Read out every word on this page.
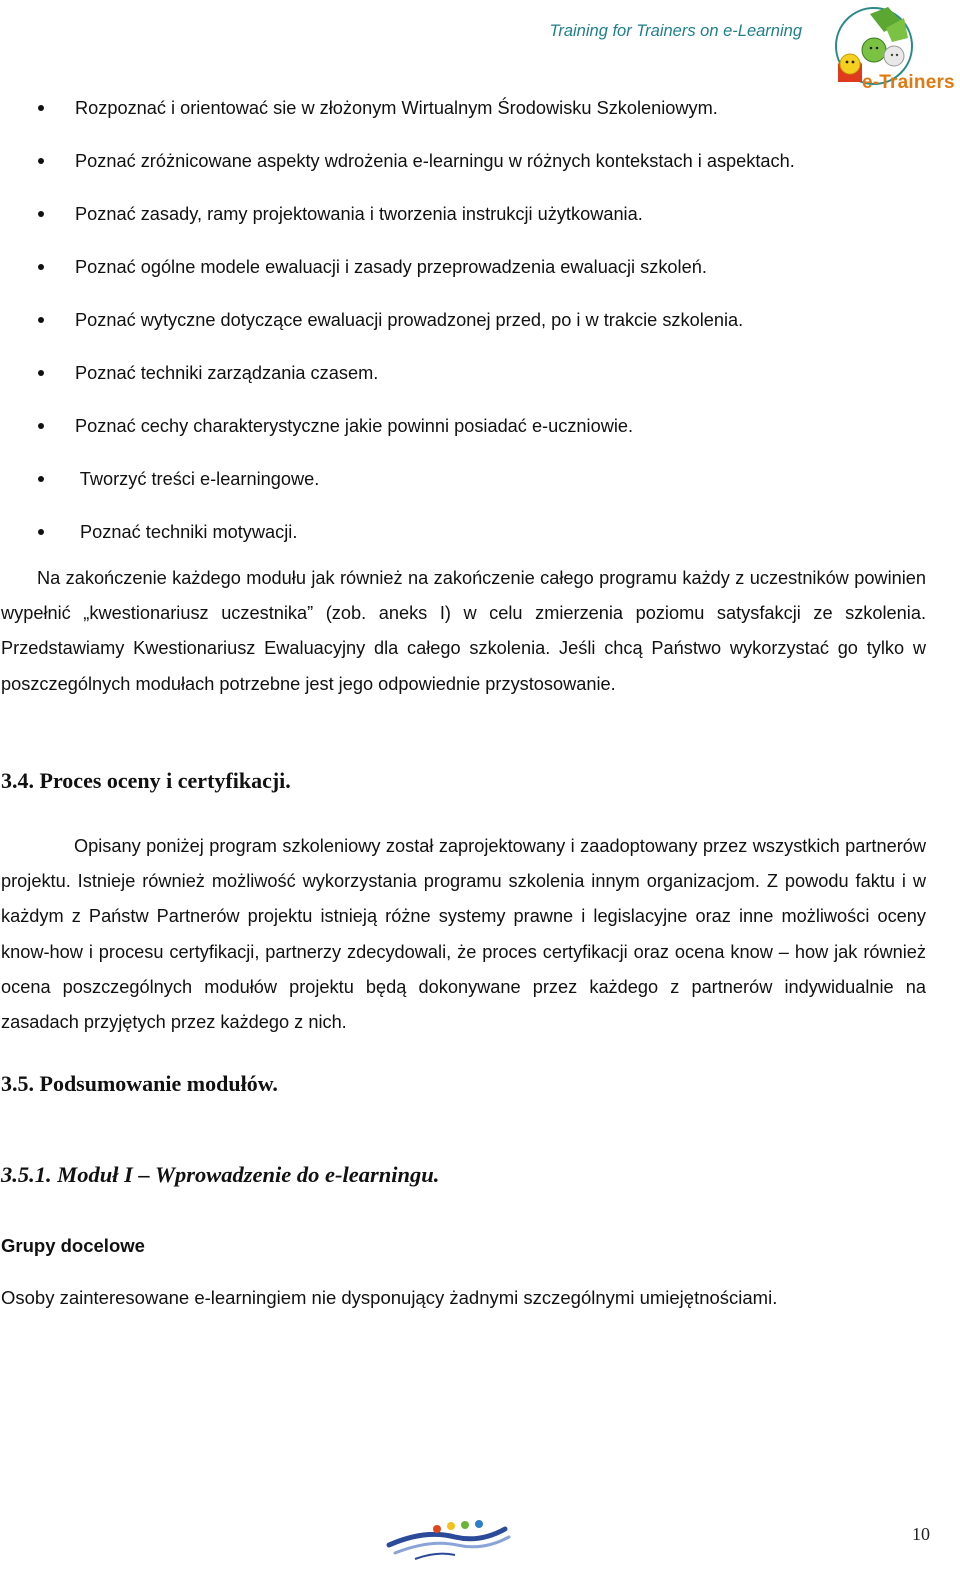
Training for Trainers on e-Learning
e-Trainers
Rozpoznać i orientować sie w złożonym Wirtualnym Środowisku Szkoleniowym.
Poznać zróżnicowane aspekty wdrożenia e-learningu w różnych kontekstach i aspektach.
Poznać zasady, ramy projektowania i tworzenia instrukcji użytkowania.
Poznać ogólne modele ewaluacji i zasady przeprowadzenia ewaluacji szkoleń.
Poznać wytyczne dotyczące ewaluacji prowadzonej przed, po i w trakcie szkolenia.
Poznać techniki zarządzania czasem.
Poznać cechy charakterystyczne jakie powinni posiadać e-uczniowie.
Tworzyć treści e-learningowe.
Poznać techniki motywacji.

Na zakończenie każdego modułu jak również na zakończenie całego programu każdy z uczestników powinien wypełnić „kwestionariusz uczestnika” (zob. aneks I) w celu zmierzenia poziomu satysfakcji ze szkolenia. Przedstawiamy Kwestionariusz Ewaluacyjny dla całego szkolenia. Jeśli chcą Państwo wykorzystać go tylko w poszczególnych modułach potrzebne jest jego odpowiednie przystosowanie.

3.4. Proces oceny i certyfikacji.

Opisany poniżej program szkoleniowy został zaprojektowany i zaadoptowany przez wszystkich partnerów projektu. Istnieje również możliwość wykorzystania programu szkolenia innym organizacjom. Z powodu faktu i w każdym z Państw Partnerów projektu istnieją różne systemy prawne i legislacyjne oraz inne możliwości oceny know-how i procesu certyfikacji, partnerzy zdecydowali, że proces certyfikacji oraz ocena know – how jak również ocena poszczególnych modułów projektu będą dokonywane przez każdego z partnerów indywidualnie na zasadach przyjętych przez każdego z nich.

3.5. Podsumowanie modułów.
3.5.1. Moduł I – Wprowadzenie do e-learningu.

Grupy docelowe

Osoby zainteresowane e-learningiem nie dysponujący żadnymi szczególnymi umiejętnościami.

10
